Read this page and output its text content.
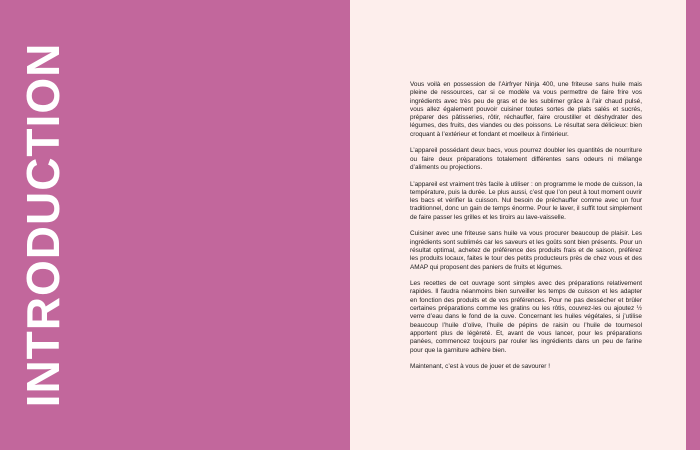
INTRODUCTION	Vous voilà en possession de l’Airfryer Ninja 400, une friteuse sans huile mais pleine de ressources, car si ce modèle va vous permettre de faire frire vos ingrédients avec très peu de gras et de les sublimer grâce à l’air chaud pulsé, vous allez également pouvoir cuisiner toutes sortes de plats salés et sucrés, préparer des pâtisseries, rôtir, réchauffer, faire croustiller et déshydrater des légumes, des fruits, des viandes ou des poissons. Le résultat sera délicieux: bien croquant à l’extérieur et fondant et moelleux à l’intérieur.

L’appareil possédant deux bacs, vous pourrez doubler les quantités de nourriture ou faire deux préparations totalement différentes sans odeurs ni mélange d’aliments ou projections.

L’appareil est vraiment très facile à utiliser : on programme le mode de cuisson, la température, puis la durée. Le plus aussi, c’est que l’on peut à tout moment ouvrir les bacs et vérifier la cuisson. Nul besoin de préchauffer comme avec un four traditionnel, donc un gain de temps énorme. Pour le laver, il suffit tout simplement de faire passer les grilles et les tiroirs au lave-vaisselle.

Cuisiner avec une friteuse sans huile va vous procurer beaucoup de plaisir. Les ingrédients sont sublimés car les saveurs et les goûts sont bien présents. Pour un résultat optimal, achetez de préférence des produits frais et de saison, préférez les produits locaux, faites le tour des petits producteurs près de chez vous et des AMAP qui proposent des paniers de fruits et légumes.

Les recettes de cet ouvrage sont simples avec des préparations relativement rapides. Il faudra néanmoins bien surveiller les temps de cuisson et les adapter en fonction des produits et de vos préférences. Pour ne pas dessécher et brûler certaines préparations comme les gratins ou les rôtis, couvrez-les ou ajoutez ½ verre d’eau dans le fond de la cuve. Concernant les huiles végétales, si j’utilise beaucoup l’huile d’olive, l’huile de pépins de raisin ou l’huile de tournesol apportent plus de légèreté. Et, avant de vous lancer, pour les préparations panées, commencez toujours par rouler les ingrédients dans un peu de farine pour que la garniture adhère bien.

Maintenant, c’est à vous de jouer et de savourer !
